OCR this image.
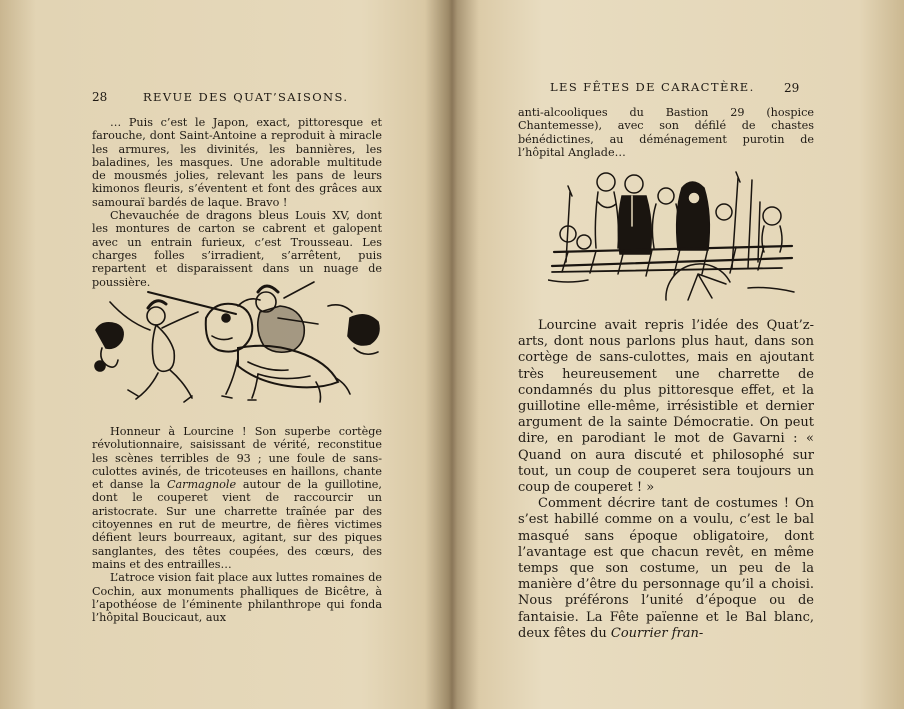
28	REVUE DES QUAT’SAISONS.

… Puis c’est le Japon, exact, pittoresque et farouche, dont Saint-Antoine a reproduit à miracle les armures, les divinités, les bannières, les baladines, les masques. Une adorable multitude de mousmés jolies, relevant les pans de leurs kimonos fleuris, s’éventent et font des grâces aux samouraï bardés de laque. Bravo !

Chevauchée de dragons bleus Louis XV, dont les montures de carton se cabrent et galopent avec un entrain furieux, c’est Trousseau. Les charges folles s’irradient, s’arrêtent, puis repartent et disparaissent dans un nuage de poussière.

Honneur à Lourcine ! Son superbe cortège révolutionnaire, saisissant de vérité, reconstitue les scènes terribles de 93 ; une foule de sans-culottes avinés, de tricoteuses en haillons, chante et danse la Carmagnole autour de la guillotine, dont le couperet vient de raccourcir un aristocrate. Sur une charrette traînée par des citoyennes en rut de meurtre, de fières victimes défient leurs bourreaux, agitant, sur des piques sanglantes, des têtes coupées, des cœurs, des mains et des entrailles…

L’atroce vision fait place aux luttes romaines de Cochin, aux monuments phalliques de Bicêtre, à l’apothéose de l’éminente philanthrope qui fonda l’hôpital Boucicaut, aux

LES FÊTES DE CARACTÈRE. 29

anti-alcooliques du Bastion 29 (hospice Chantemesse), avec son défilé de chastes bénédictines, au déménagement purotin de l’hôpital Anglade…

Lourcine avait repris l’idée des Quat’z-arts, dont nous parlons plus haut, dans son cortège de sans-culottes, mais en ajoutant très heureusement une charrette de condamnés du plus pittoresque effet, et la guillotine elle-même, irrésistible et dernier argument de la sainte Démocratie. On peut dire, en parodiant le mot de Gavarni : « Quand on aura discuté et philosophé sur tout, un coup de couperet sera toujours un coup de couperet ! »

Comment décrire tant de costumes ! On s’est habillé comme on a voulu, c’est le bal masqué sans époque obligatoire, dont l’avantage est que chacun revêt, en même temps que son costume, un peu de la manière d’être du personnage qu’il a choisi. Nous préférons l’unité d’époque ou de fantaisie. La Fête païenne et le Bal blanc, deux fêtes du Courrier fran-
